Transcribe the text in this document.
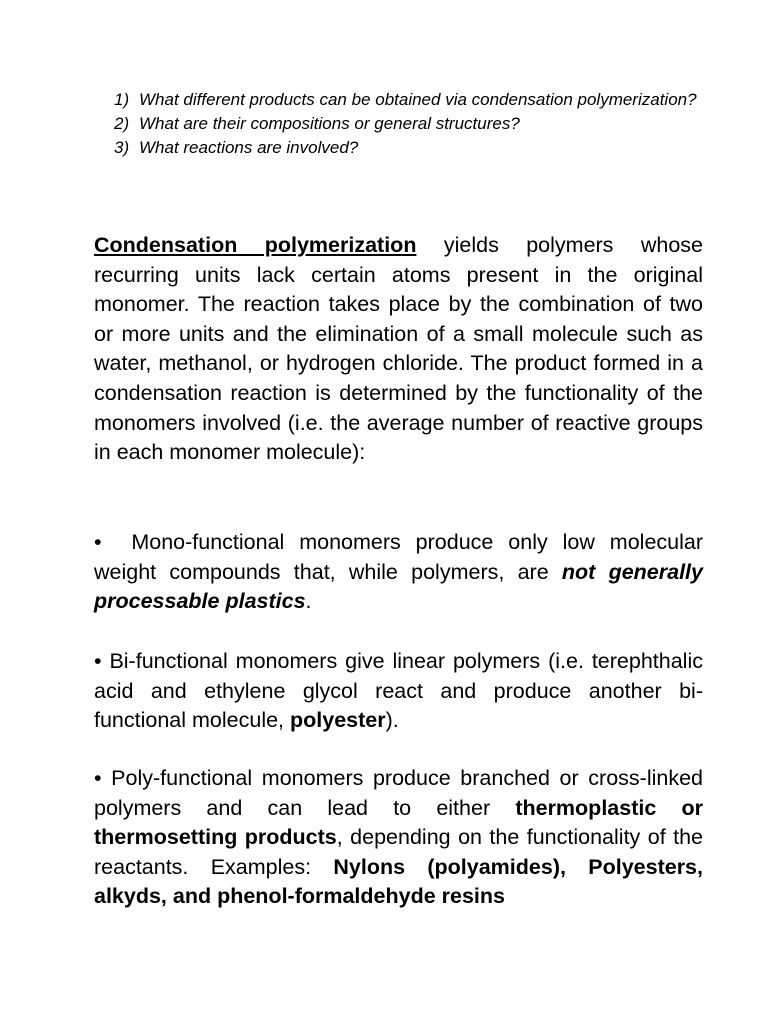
1) What different products can be obtained via condensation polymerization?
2) What are their compositions or general structures?
3) What reactions are involved?

Condensation polymerization yields polymers whose recurring units lack certain atoms present in the original monomer. The reaction takes place by the combination of two or more units and the elimination of a small molecule such as water, methanol, or hydrogen chloride. The product formed in a condensation reaction is determined by the functionality of the monomers involved (i.e. the average number of reactive groups in each monomer molecule):

•  Mono-functional monomers produce only low molecular weight compounds that, while polymers, are not generally processable plastics.

• Bi-functional monomers give linear polymers (i.e. terephthalic acid and ethylene glycol react and produce another bi-functional molecule, polyester).

• Poly-functional monomers produce branched or cross-linked polymers and can lead to either thermoplastic or thermosetting products, depending on the functionality of the reactants. Examples: Nylons (polyamides), Polyesters, alkyds, and phenol-formaldehyde resins
